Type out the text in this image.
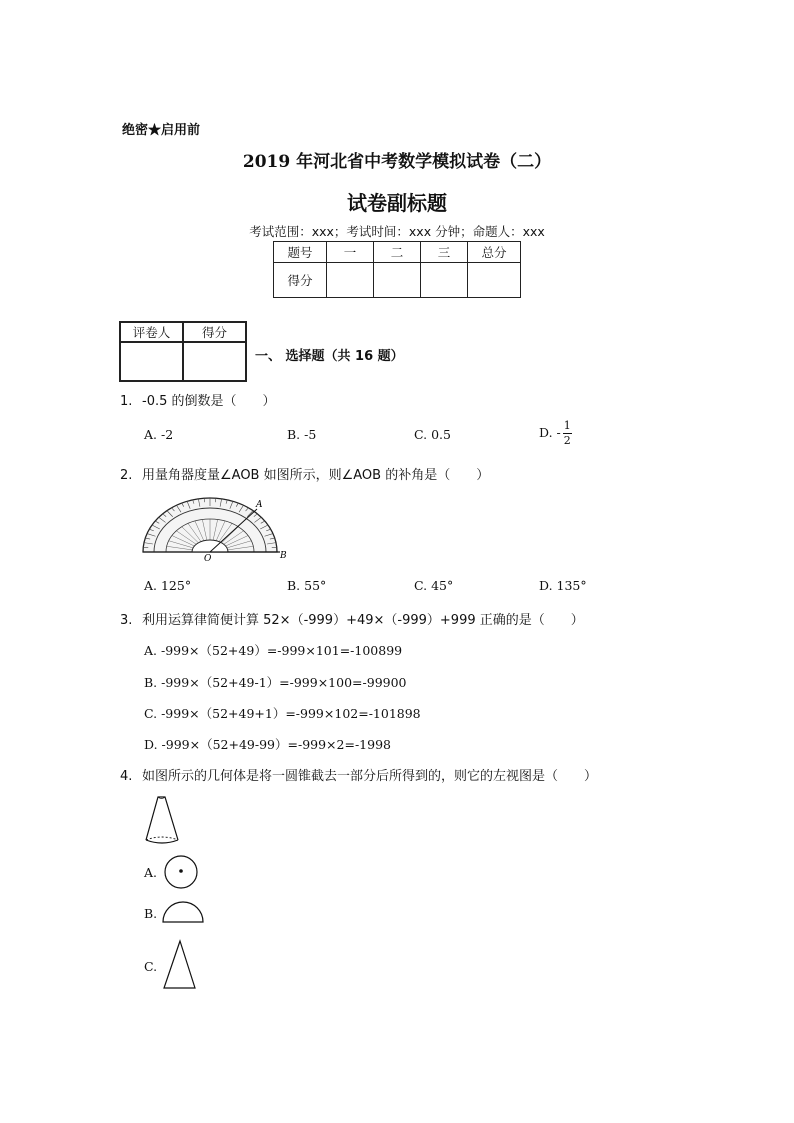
绝密★启用前
2019 年河北省中考数学模拟试卷（二）
试卷副标题
考试范围：xxx；考试时间：xxx 分钟；命题人：xxx
题号	一	二	三	总分
得分				
评卷人	得分

一、 选择题（共 16 题）
1. -0.5 的倒数是（　　）
A. -2	B. -5	C. 0.5	D. - $\frac{1}{2}$
2. 用量角器度量∠AOB 如图所示，则∠AOB 的补角是（　　）
A
B
O
A. 125°	B. 55°	C. 45°	D. 135°
3. 利用运算律简便计算 52×（-999）+49×（-999）+999 正确的是（　　）
A. -999×（52+49）=-999×101=-100899
B. -999×（52+49-1）=-999×100=-99900
C. -999×（52+49+1）=-999×102=-101898
D. -999×（52+49-99）=-999×2=-1998
4. 如图所示的几何体是将一圆锥截去一部分后所得到的，则它的左视图是（　　）
A.
B.
C.
